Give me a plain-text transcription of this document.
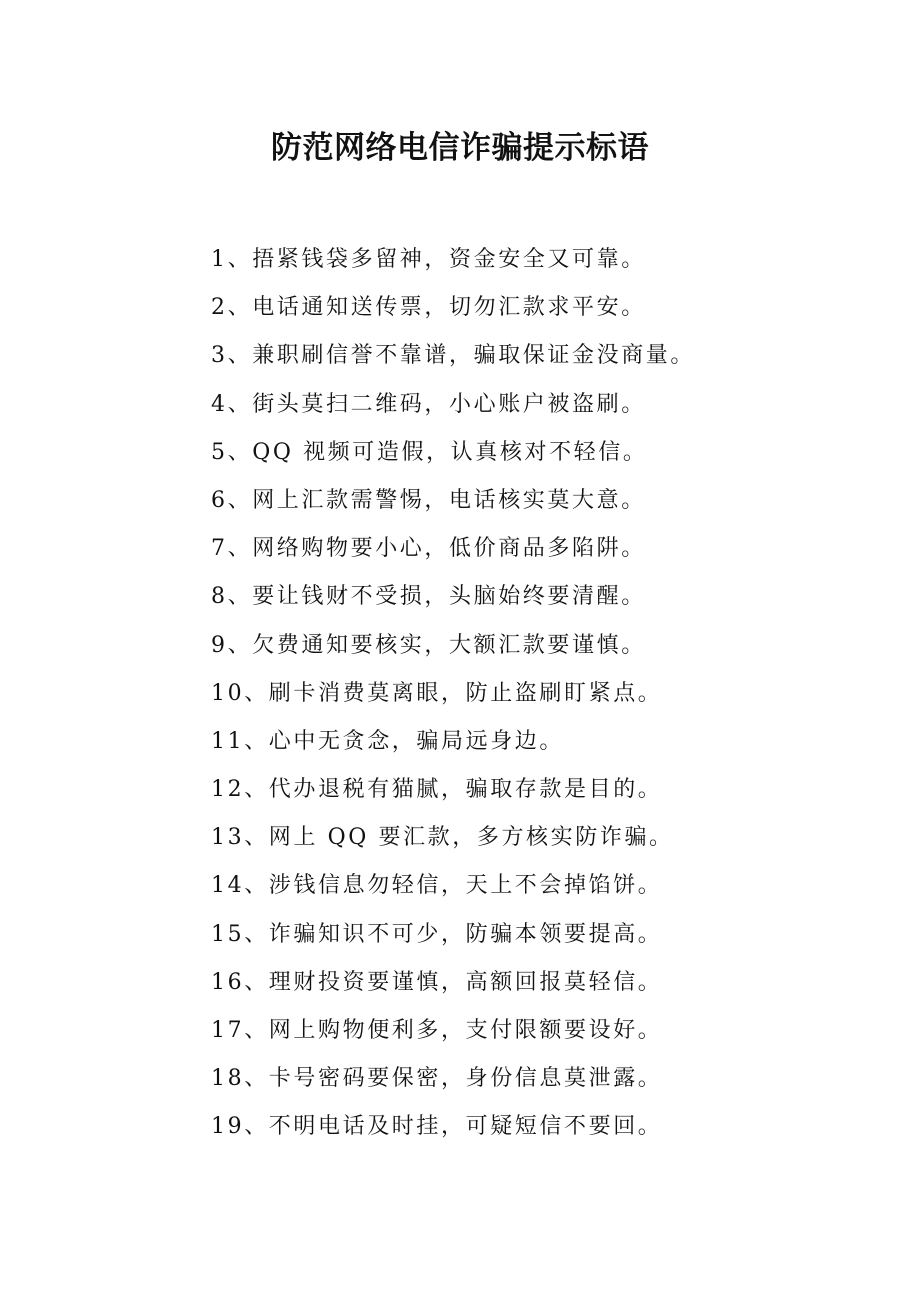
防范网络电信诈骗提示标语
1、捂紧钱袋多留神，资金安全又可靠。
2、电话通知送传票，切勿汇款求平安。
3、兼职刷信誉不靠谱，骗取保证金没商量。
4、街头莫扫二维码，小心账户被盗刷。
5、QQ 视频可造假，认真核对不轻信。
6、网上汇款需警惕，电话核实莫大意。
7、网络购物要小心，低价商品多陷阱。
8、要让钱财不受损，头脑始终要清醒。
9、欠费通知要核实，大额汇款要谨慎。
10、刷卡消费莫离眼，防止盗刷盯紧点。
11、心中无贪念，骗局远身边。
12、代办退税有猫腻，骗取存款是目的。
13、网上 QQ 要汇款，多方核实防诈骗。
14、涉钱信息勿轻信，天上不会掉馅饼。
15、诈骗知识不可少，防骗本领要提高。
16、理财投资要谨慎，高额回报莫轻信。
17、网上购物便利多，支付限额要设好。
18、卡号密码要保密，身份信息莫泄露。
19、不明电话及时挂，可疑短信不要回。
